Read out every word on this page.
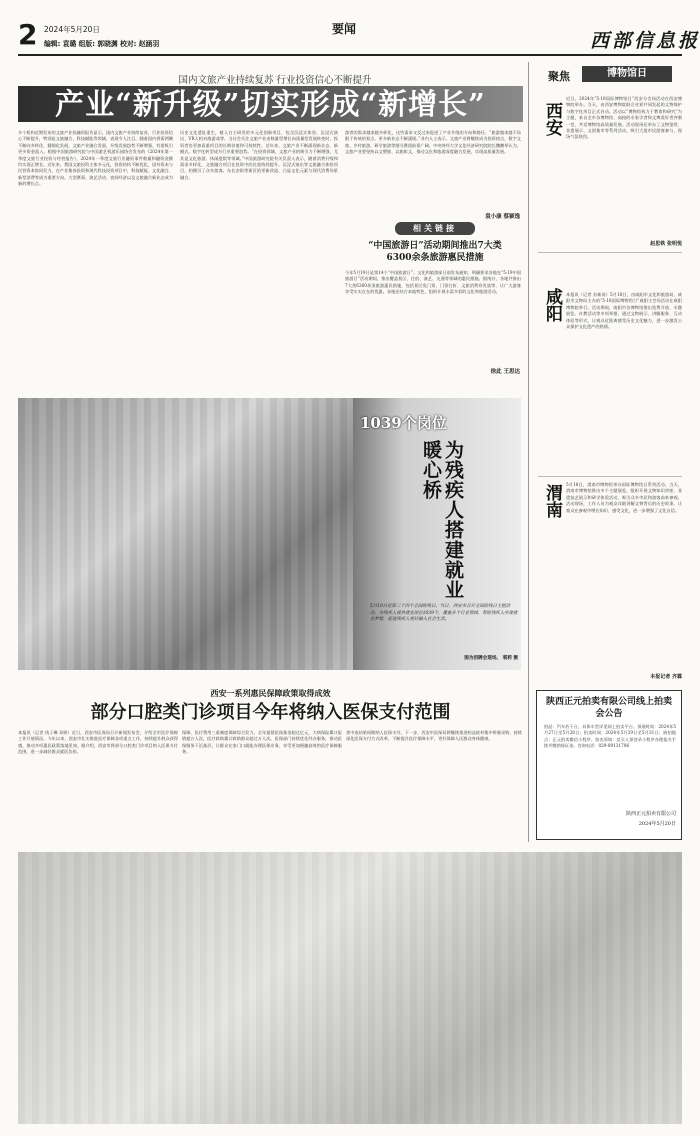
2 2024年5月20日
编辑: 袁璐 组版: 郭晓渊 校对: 赵涵羽
要闻
西部信息报
国内文旅产业持续复苏 行业投资信心不断提升
产业“新升级”切实形成“新增长”
多个机构近期发布的文旅产业投融资报告显示，国内文旅产业持续复苏，行业投资信心不断提升，特别是文旅融合、科技赋能等领域，表现令人注目。随着国内供需两侧不断向多样化、精细化发展，文旅产业融合发展，升级发展趋势不断增强，有望吸引更多资金流入。根据中国旅游研究院与中国游艺机游乐园协会发布的《2024年第一季度文旅行业投资与经营报告》，2024年一季度文旅行业融资事件数量和融资金额均实现正增长。近年来，我国文旅投资主体多元化，投资结构不断优化，国有资本与民营资本协同发力。在产业集体投资和现代科技投资项目中，科技赋能、文化融合、新型消费等成为重要方向。大型赛事、演艺活动、夜间经济以及文旅融合新业态成为新的增长点。
历史文化遗址重生，植入白主研发的多元化创新项目，包含沉浸式体验、沉浸式演出、VR人机对战游戏等。当社会关注文旅产业由数量型增长向质量型发展转变时，投资者也更加看重项目的长期价值和可持续性。近年来，文旅产业不断涌现新业态、新模式，数字化转型成为行业重要趋势。“在投资领域，文旅产业的吸引力不断增强，尤其是文化旅游、休闲度假等领域。”中国旅游研究院有关负责人表示，随着消费升级和需求多样化，文旅融合项目在投资中的比重持续提升。沉浸式演出等文旅融合体验项目，拍摄引了众多游客。东长安街等街区的更新改造，凸显文化元素与现代消费场景融合。
游者的需求越来越多样化，这些需求又反过来促进了产业升级的方向和路径。“旅游越来越不局限于传统的景点，更多新业态不断涌现。”业内人士表示，文旅产业将继续成为投资热点，数字文旅、乡村旅游、研学旅游等细分赛道前景广阔。中央财经大学文化经济研究院院长魏鹏举认为，文旅产业要坚持以文塑旅、以旅彰文，推动文化和旅游深度融合发展，实现高质量发展。
袁小康 蔡颖逸
相关链接
“中国旅游日”活动期间推出7大类6300余条旅游惠民措施
今年5月19日是第14个“中国旅游日”。文化和旅游部日前发布通知，明确要求各地在“5·19中国旅游日”活动期间，推出覆盖景区、住宿、演艺、交通等领域的惠民措施。据统计，各地共推出7大类6300余条旅游惠民措施，包括景区免门票、门票打折、文旅消费券发放等，让广大游客享受实实在在的优惠。各地还结合本地特色，组织开展丰富多彩的文化和旅游活动。
徐此 王思达
1039个岗位
为残疾人搭建就业暖心桥
5月19日是第三十四个全国助残日。当日，西安市召开全国助残日主题活动，为残疾人提供就业岗位1039个，覆盖多个行业领域，帮助残疾人实现就业梦想，促进残疾人更好融入社会生活。
图为招聘会现场。 裘莉 摄
西安一系列惠民保障政策取得成效
部分口腔类门诊项目今年将纳入医保支付范围
本报讯（记者 钱子琳 邓婷）近日，西安市医保局召开新闻发布会，介绍全市医疗保障工作开展情况。今年以来，西安市扎实推进医疗保障各项重点工作，持续提升群众获得感，推动多项惠民政策落地见效。据介绍，西安市将部分口腔类门诊项目纳入医保支付范围，进一步减轻群众就医负担。
保障，医疗费用三重制度保障综合发力。全年报销医保基金超过亿元，大病保险累计报销超万人次，医疗救助累计救助群众超过万人次。医保部门持续优化经办服务，推动医保服务下沉基层，让群众在家门口就能办理医保业务，享受更加便捷高效的医疗保障服务。
类中选结果同期纳入医保支付。下一步，西安市医保局将继续推进药品耗材集中带量采购，持续深化医保支付方式改革，不断提升医疗保障水平，更好保障人民群众身体健康。
聚焦	博物馆日
西安
近日，2024年“5·18国际博物馆日”西安分会场活动在西安博物院举办。当天，由西安博物院联合业界共同发起的文物保护与数字化项目正式启动。活动以“博物馆致力于教育和研究”为主题，来自全市各博物馆、高校的专家学者和文博爱好者齐聚一堂，共话博物馆高质量发展。活动现场还举办了文物鉴赏、非遗展示、文创集市等系列活动，吸引大批市民游客参与，现场气氛热烈。
赵思铁 张明悦
咸阳 本报讯（记者 苏新涛）5月18日，由咸阳市文化和旅游局、咸阳市文物局主办的“5·18国际博物馆日”咸阳主会场活动在咸阳博物院举行。活动期间，咸阳市各博物馆推出免费开放、专题展览、社教活动等多项举措，通过文物展示、讲解服务、互动体验等形式，让观众近距离感受历史文化魅力，进一步激发公众保护文化遗产的热情。
渭南 5月18日，渭南市博物馆举办国际博物馆日系列活动。当天，渭南市博物馆推出多个主题展览，组织开展文物知识讲座、非遗技艺展示和研学体验活动，吸引众多市民和游客前来参观。活动现场，工作人员为观众详细讲解文物背后的历史故事，让观众在参观中增长知识、感受文化，进一步增强了文化自信。
本报记者 齐霖
陕西正元拍卖有限公司线上拍卖会公告
拍品：汽车若干台，具体车型详见网上拍卖平台。预展时间：2024年5月27日至5月28日；拍卖时间：2024年5月29日至5月31日；展拍地点：正元拍卖微信小程序。拍卖须知：竞买人须登录小程序办理报名手续并缴纳保证金。咨询电话：029-89131786
陕西正元拍卖有限公司
2024年5月20日
